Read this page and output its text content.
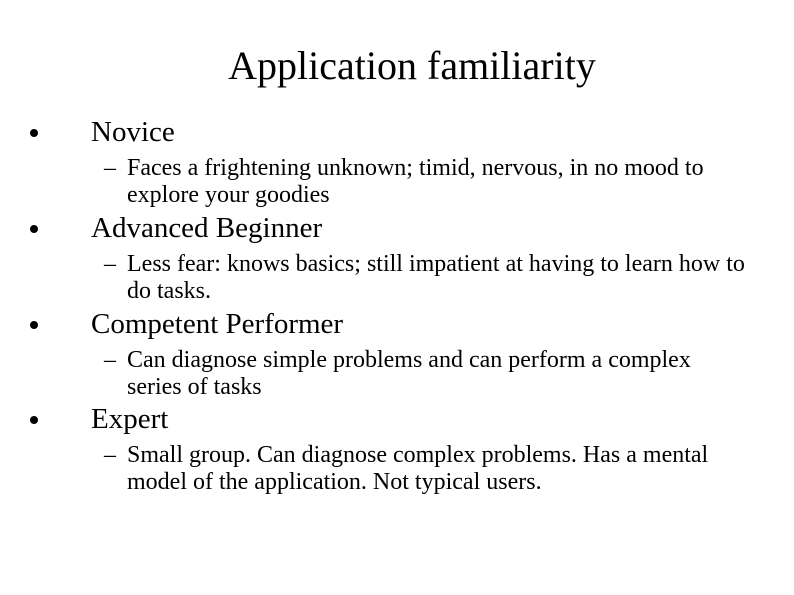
Application familiarity
Novice
– Faces a frightening unknown; timid, nervous, in no mood to explore your goodies
Advanced Beginner
– Less fear: knows basics; still impatient at having to learn how to do tasks.
Competent Performer
– Can diagnose simple problems and can perform a complex series of tasks
Expert
– Small group. Can diagnose complex problems. Has a mental model of the application. Not typical users.
